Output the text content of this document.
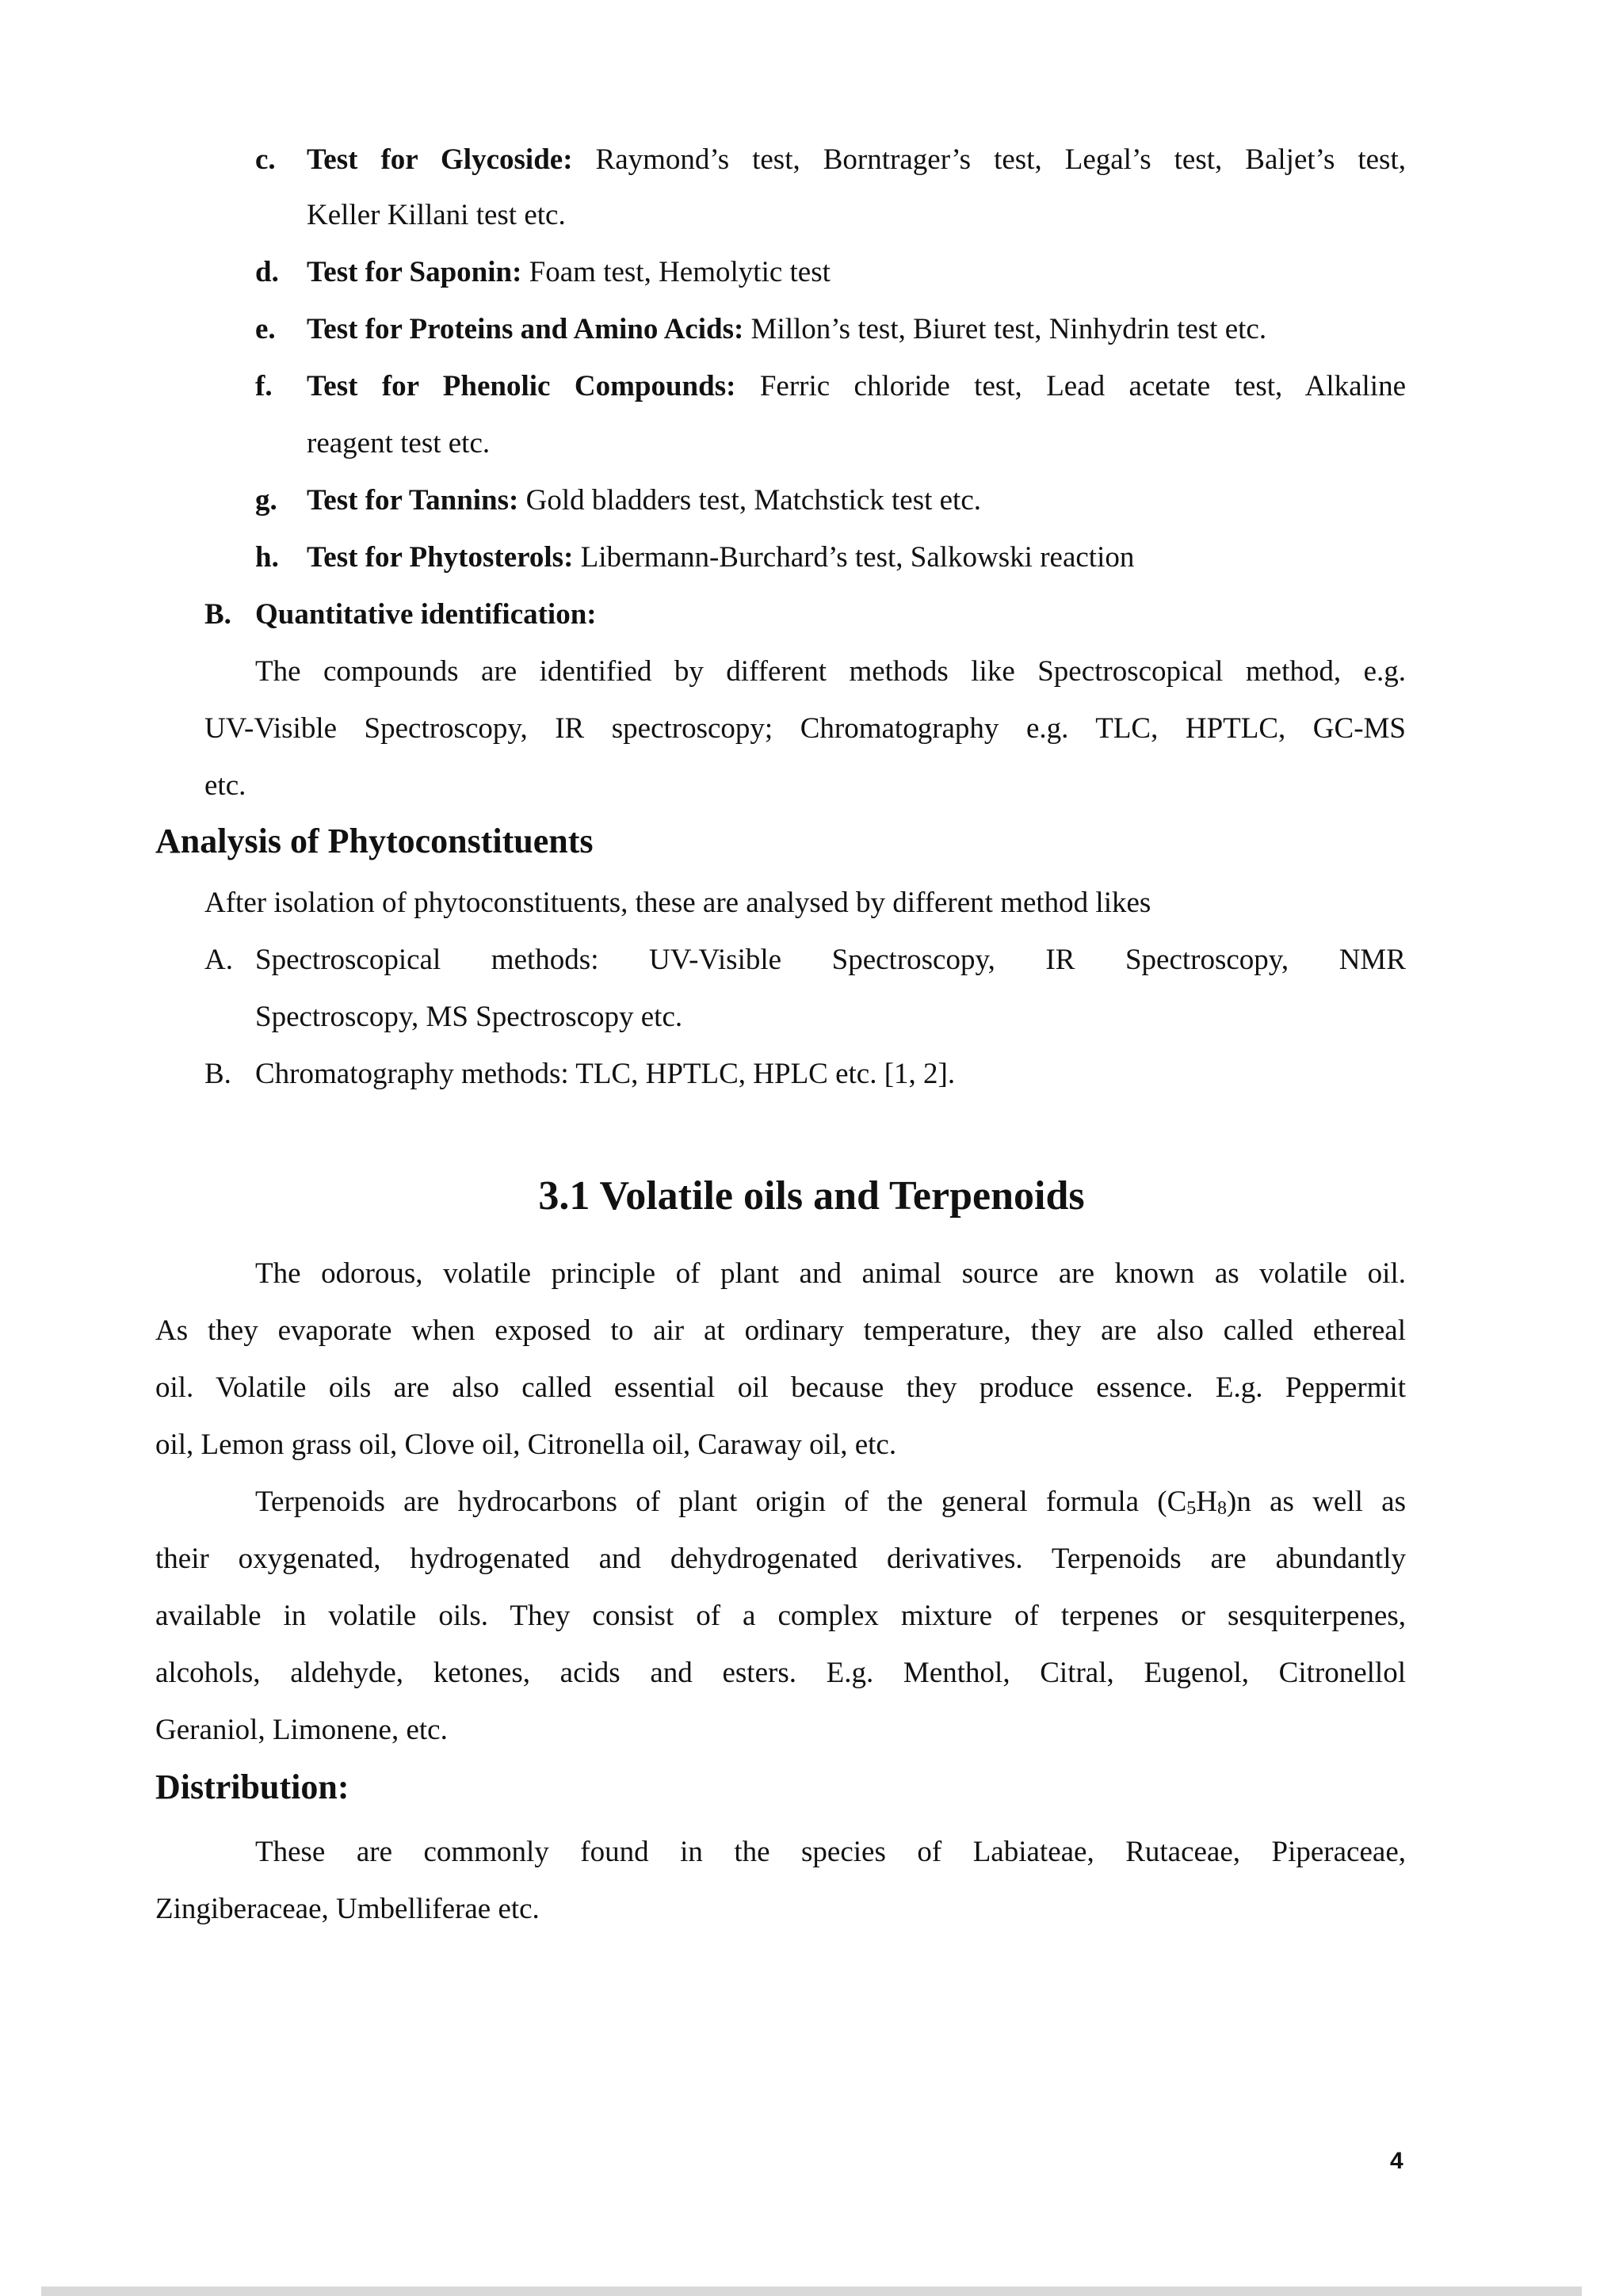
c. Test for Glycoside: Raymond’s test, Borntrager’s test, Legal’s test, Baljet’s test,
Keller Killani test etc.
d. Test for Saponin: Foam test, Hemolytic test
e. Test for Proteins and Amino Acids: Millon’s test, Biuret test, Ninhydrin test etc.
f. Test for Phenolic Compounds: Ferric chloride test, Lead acetate test, Alkaline
reagent test etc.
g. Test for Tannins: Gold bladders test, Matchstick test etc.
h. Test for Phytosterols: Libermann-Burchard’s test, Salkowski reaction
B. Quantitative identification:
The compounds are identified by different methods like Spectroscopical method, e.g.
UV-Visible Spectroscopy, IR spectroscopy; Chromatography e.g. TLC, HPTLC, GC-MS
etc.
Analysis of Phytoconstituents
After isolation of phytoconstituents, these are analysed by different method likes
A. Spectroscopical methods: UV-Visible Spectroscopy, IR Spectroscopy, NMR
Spectroscopy, MS Spectroscopy etc.
B. Chromatography methods: TLC, HPTLC, HPLC etc. [1, 2].
3.1 Volatile oils and Terpenoids
The odorous, volatile principle of plant and animal source are known as volatile oil.
As they evaporate when exposed to air at ordinary temperature, they are also called ethereal
oil. Volatile oils are also called essential oil because they produce essence. E.g. Peppermit
oil, Lemon grass oil, Clove oil, Citronella oil, Caraway oil, etc.
Terpenoids are hydrocarbons of plant origin of the general formula $(C_5H_8)n$ as well as
their oxygenated, hydrogenated and dehydrogenated derivatives. Terpenoids are abundantly
available in volatile oils. They consist of a complex mixture of terpenes or sesquiterpenes,
alcohols, aldehyde, ketones, acids and esters. E.g. Menthol, Citral, Eugenol, Citronellol
Geraniol, Limonene, etc.
Distribution:
These are commonly found in the species of Labiateae, Rutaceae, Piperaceae,
Zingiberaceae, Umbelliferae etc.
4
